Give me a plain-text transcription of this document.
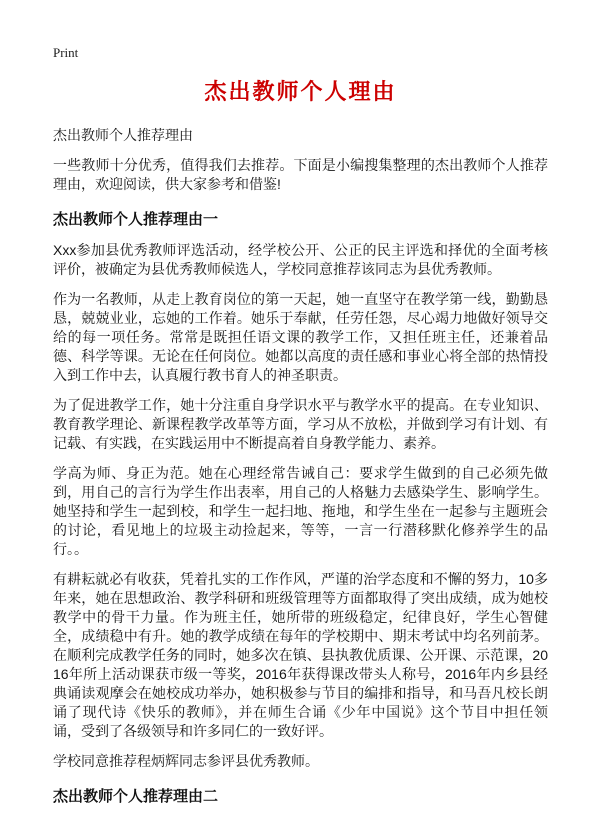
Print
杰出教师个人理由

杰出教师个人推荐理由

一些教师十分优秀，值得我们去推荐。下面是小编搜集整理的杰出教师个人推荐理由，欢迎阅读，供大家参考和借鉴!

杰出教师个人推荐理由一

Xxx参加县优秀教师评选活动，经学校公开、公正的民主评选和择优的全面考核评价，被确定为县优秀教师候选人，学校同意推荐该同志为县优秀教师。

作为一名教师，从走上教育岗位的第一天起，她一直坚守在教学第一线，勤勤恳恳，兢兢业业，忘她的工作着。她乐于奉献，任劳任怨，尽心竭力地做好领导交给的每一项任务。常常是既担任语文课的教学工作，又担任班主任，还兼着品德、科学等课。无论在任何岗位。她都以高度的责任感和事业心将全部的热情投入到工作中去，认真履行教书育人的神圣职责。

为了促进教学工作，她十分注重自身学识水平与教学水平的提高。在专业知识、教育教学理论、新课程教学改革等方面，学习从不放松，并做到学习有计划、有记载、有实践，在实践运用中不断提高着自身教学能力、素养。

学高为师、身正为范。她在心理经常告诫自己：要求学生做到的自己必须先做到，用自己的言行为学生作出表率，用自己的人格魅力去感染学生、影响学生。她坚持和学生一起到校，和学生一起扫地、拖地，和学生坐在一起参与主题班会的讨论，看见地上的垃圾主动捡起来，等等，一言一行潜移默化修养学生的品行。。

有耕耘就必有收获，凭着扎实的工作作风，严谨的治学态度和不懈的努力，10多年来，她在思想政治、教学科研和班级管理等方面都取得了突出成绩，成为她校教学中的骨干力量。作为班主任，她所带的班级稳定，纪律良好，学生心智健全，成绩稳中有升。她的教学成绩在每年的学校期中、期末考试中均名列前茅。在顺利完成教学任务的同时，她多次在镇、县执教优质课、公开课、示范课，2016年所上活动课获市级一等奖，2016年获得课改带头人称号，2016年内乡县经典诵读观摩会在她校成功举办，她积极参与节目的编排和指导，和马吾凡校长朗诵了现代诗《快乐的教师》，并在师生合诵《少年中国说》这个节目中担任领诵，受到了各级领导和许多同仁的一致好评。

学校同意推荐程炳辉同志参评县优秀教师。

杰出教师个人推荐理由二
